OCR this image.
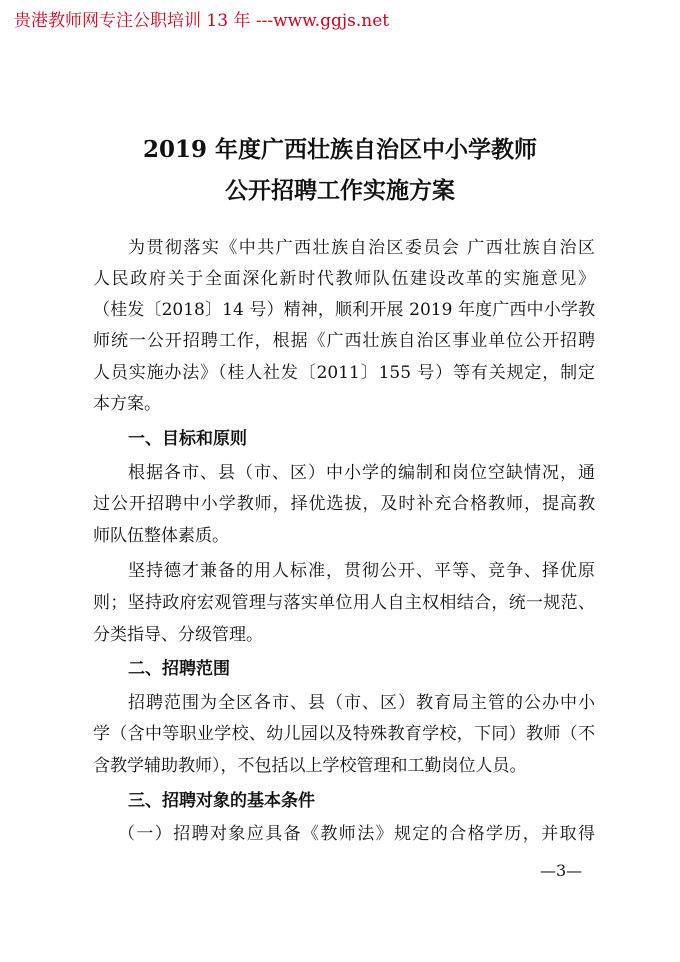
贵港教师网专注公职培训 13 年 ---www.ggjs.net
2019 年度广西壮族自治区中小学教师
公开招聘工作实施方案
为贯彻落实《中共广西壮族自治区委员会 广西壮族自治区
人民政府关于全面深化新时代教师队伍建设改革的实施意见》
（桂发〔2018〕14 号）精神，顺利开展 2019 年度广西中小学教
师统一公开招聘工作，根据《广西壮族自治区事业单位公开招聘
人员实施办法》（桂人社发〔2011〕155 号）等有关规定，制定
本方案。
一、目标和原则
根据各市、县（市、区）中小学的编制和岗位空缺情况，通
过公开招聘中小学教师，择优选拔，及时补充合格教师，提高教
师队伍整体素质。
坚持德才兼备的用人标准，贯彻公开、平等、竞争、择优原
则；坚持政府宏观管理与落实单位用人自主权相结合，统一规范、
分类指导、分级管理。
二、招聘范围
招聘范围为全区各市、县（市、区）教育局主管的公办中小
学（含中等职业学校、幼儿园以及特殊教育学校，下同）教师（不
含教学辅助教师），不包括以上学校管理和工勤岗位人员。
三、招聘对象的基本条件
（一）招聘对象应具备《教师法》规定的合格学历，并取得
—3—
